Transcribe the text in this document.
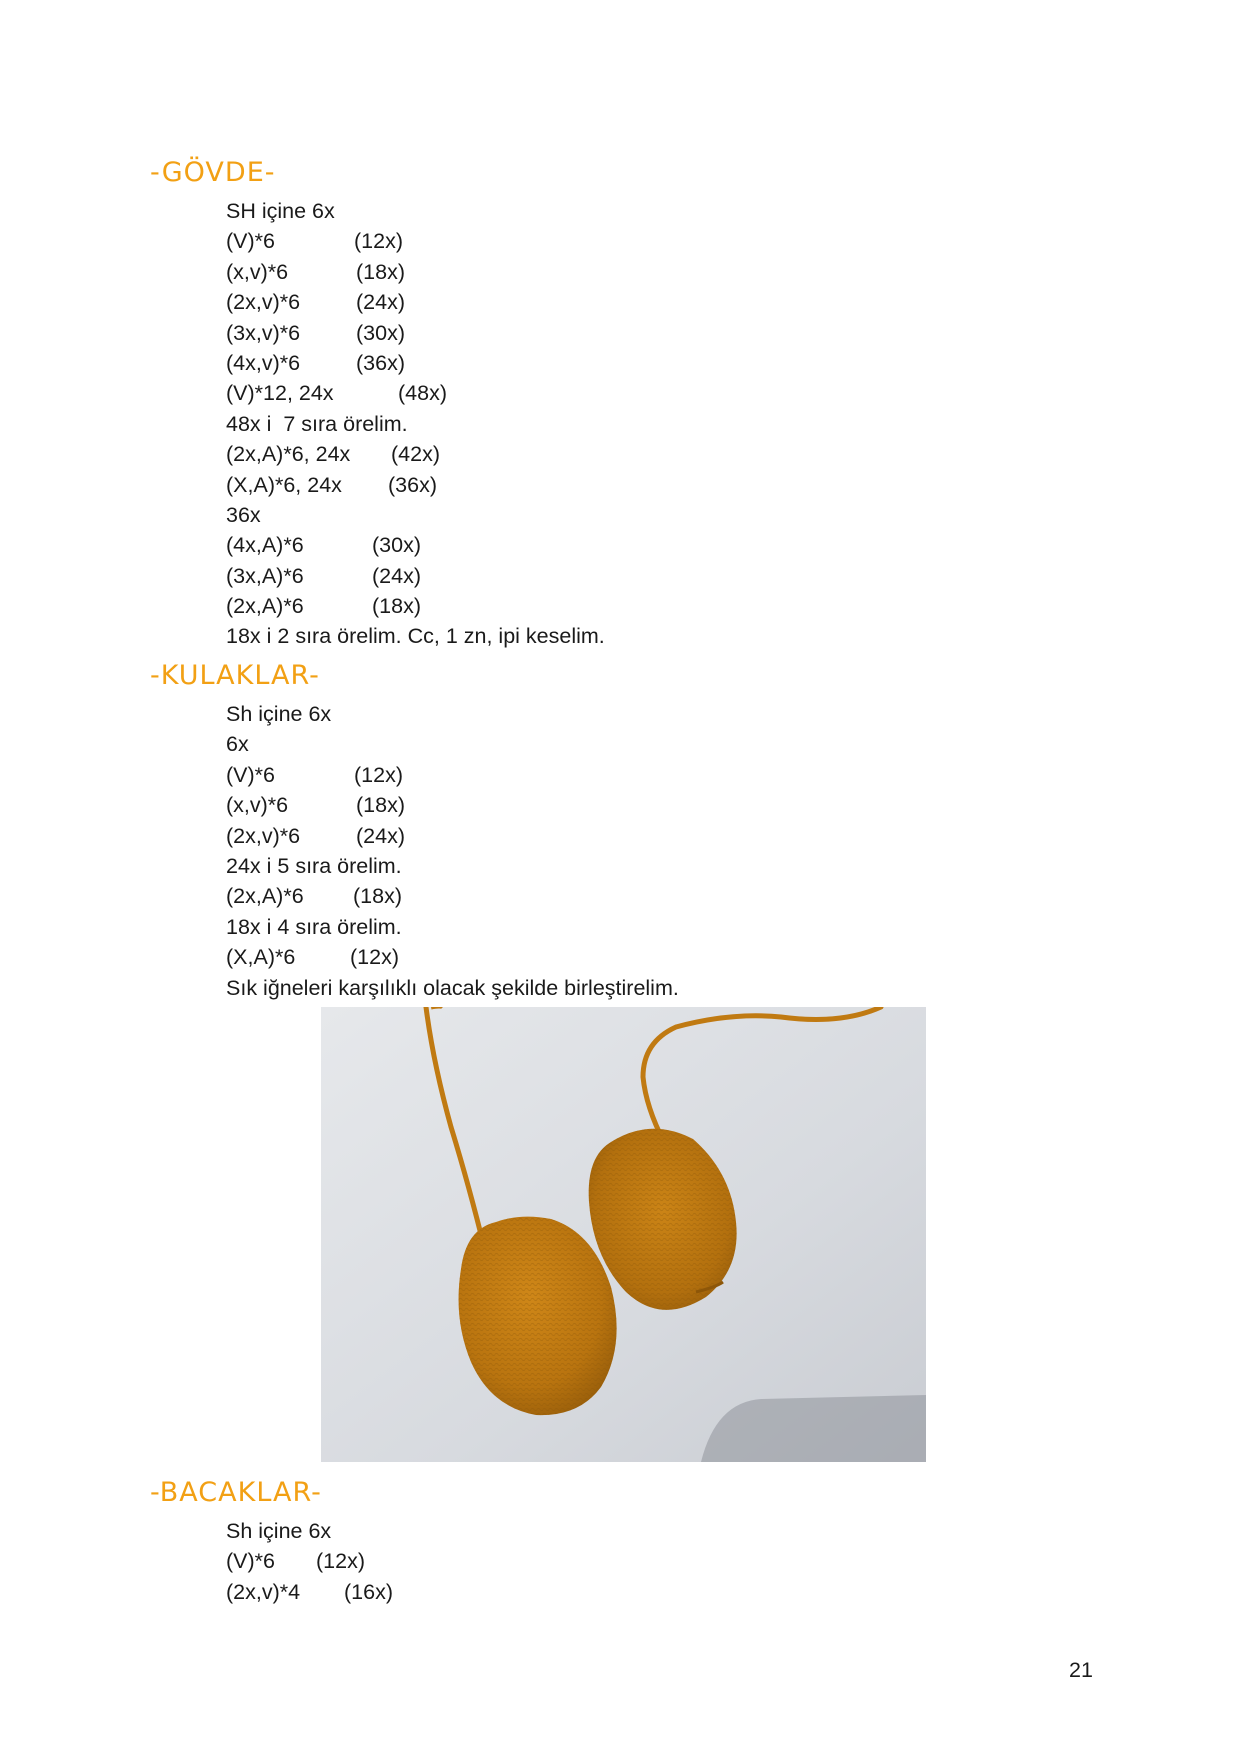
-GÖVDE-
SH içine 6x
(V)*6	(12x)
(x,v)*6	(18x)
(2x,v)*6	(24x)
(3x,v)*6	(30x)
(4x,v)*6	(36x)
(V)*12, 24x	(48x)
48x i  7 sıra örelim.
(2x,A)*6, 24x (42x)
(X,A)*6, 24x (36x)
36x
(4x,A)*6	(30x)
(3x,A)*6	(24x)
(2x,A)*6	(18x)
18x i 2 sıra örelim. Cc, 1 zn, ipi keselim.
-KULAKLAR-
Sh içine 6x
6x
(V)*6	(12x)
(x,v)*6	(18x)
(2x,v)*6	(24x)
24x i 5 sıra örelim.
(2x,A)*6 (18x)
18x i 4 sıra örelim.
(X,A)*6	(12x)
Sık iğneleri karşılıklı olacak şekilde birleştirelim.
-BACAKLAR-
Sh içine 6x
(V)*6 (12x)
(2x,v)*4 (16x)
21
